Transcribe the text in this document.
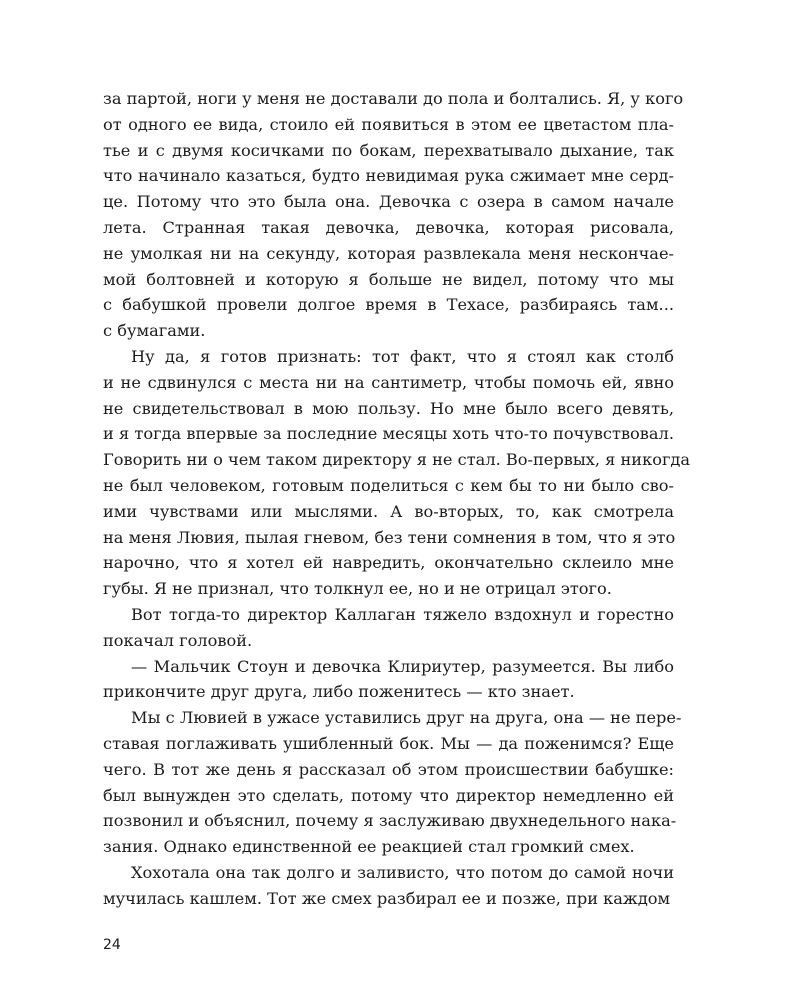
за партой, ноги у меня не доставали до пола и болтались. Я, у кого
от одного ее вида, стоило ей появиться в этом ее цветастом пла-
тье и с двумя косичками по бокам, перехватывало дыхание, так
что начинало казаться, будто невидимая рука сжимает мне серд-
це. Потому что это была она. Девочка с озера в самом начале
лета. Странная такая девочка, девочка, которая рисовала,
не умолкая ни на секунду, которая развлекала меня нескончае-
мой болтовней и которую я больше не видел, потому что мы
с бабушкой провели долгое время в Техасе, разбираясь там...
с бумагами.
Ну да, я готов признать: тот факт, что я стоял как столб
и не сдвинулся с места ни на сантиметр, чтобы помочь ей, явно
не свидетельствовал в мою пользу. Но мне было всего девять,
и я тогда впервые за последние месяцы хоть что-то почувствовал.
Говорить ни о чем таком директору я не стал. Во-первых, я никогда
не был человеком, готовым поделиться с кем бы то ни было сво-
ими чувствами или мыслями. А во-вторых, то, как смотрела
на меня Лювия, пылая гневом, без тени сомнения в том, что я это
нарочно, что я хотел ей навредить, окончательно склеило мне
губы. Я не признал, что толкнул ее, но и не отрицал этого.
Вот тогда-то директор Каллаган тяжело вздохнул и горестно
покачал головой.
— Мальчик Стоун и девочка Клириутер, разумеется. Вы либо
прикончите друг друга, либо поженитесь — кто знает.
Мы с Лювией в ужасе уставились друг на друга, она — не пере-
ставая поглаживать ушибленный бок. Мы — да поженимся? Еще
чего. В тот же день я рассказал об этом происшествии бабушке:
был вынужден это сделать, потому что директор немедленно ей
позвонил и объяснил, почему я заслуживаю двухнедельного нака-
зания. Однако единственной ее реакцией стал громкий смех.
Хохотала она так долго и заливисто, что потом до самой ночи
мучилась кашлем. Тот же смех разбирал ее и позже, при каждом
24
